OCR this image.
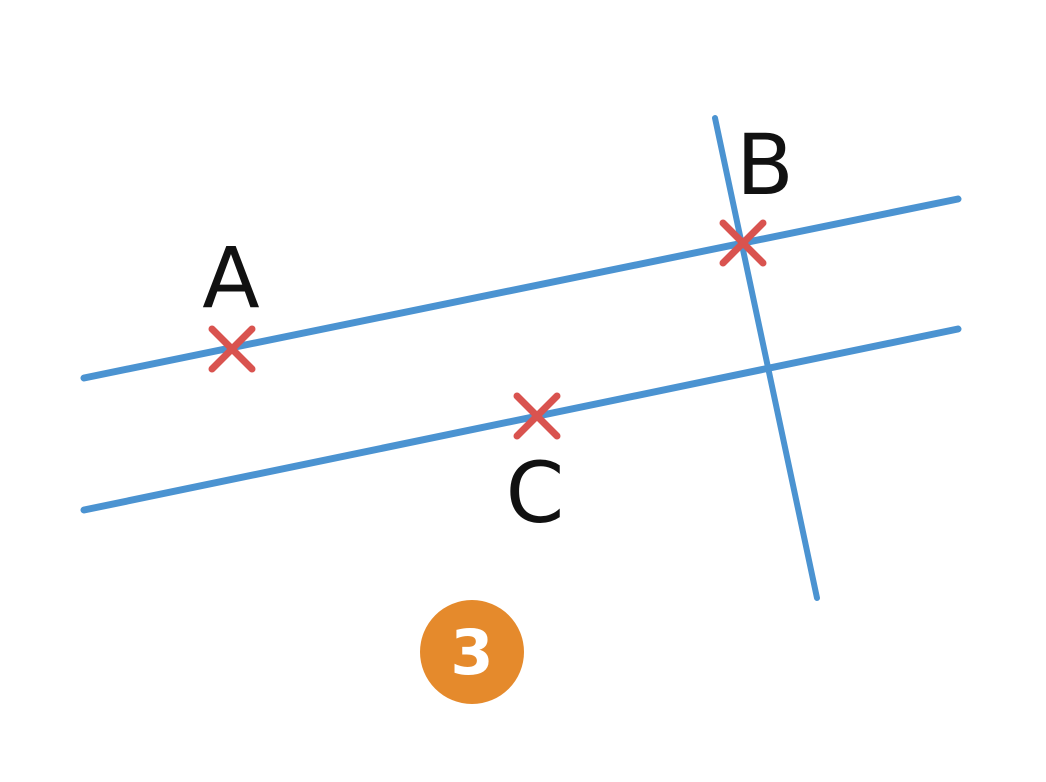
A
B
C
3
